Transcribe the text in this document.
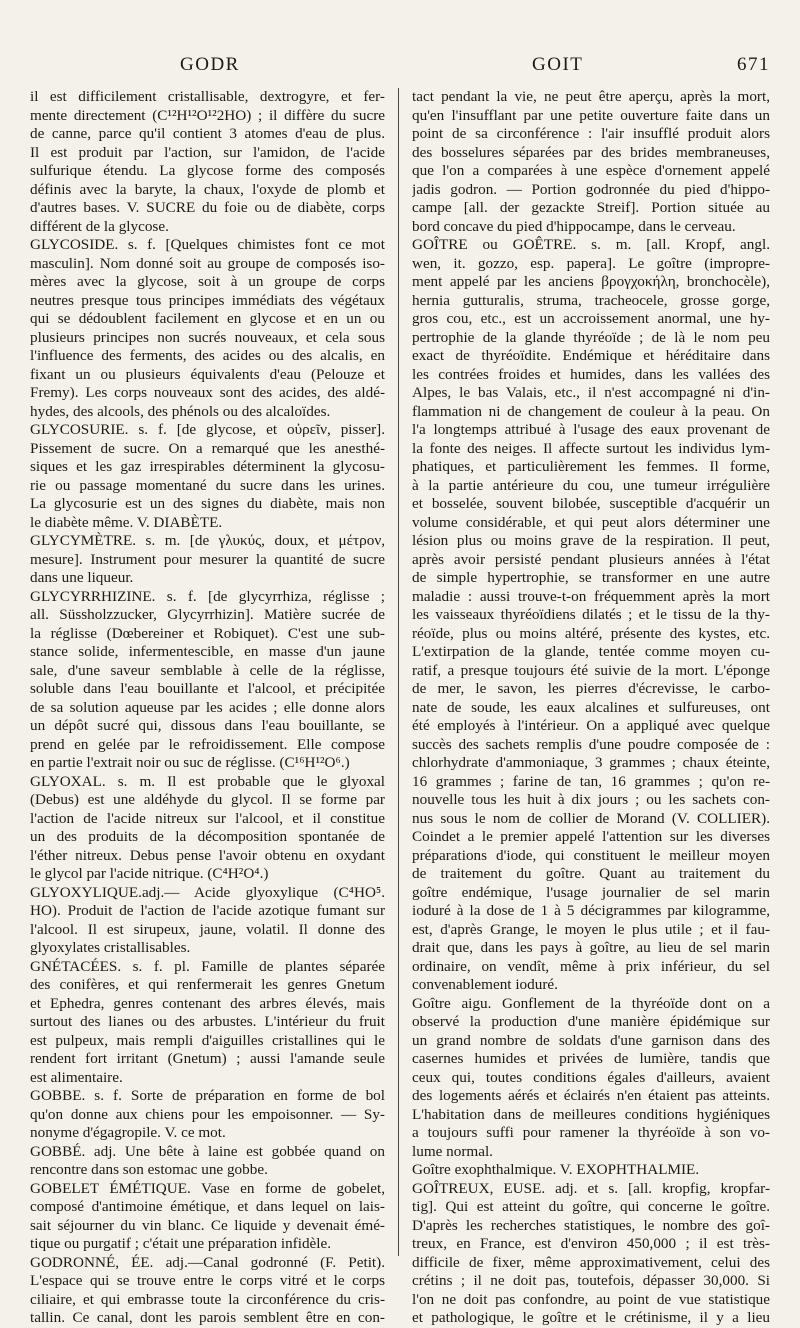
GODR	GOIT	671
il est difficilement cristallisable, dextrogyre, et fer-
mente directement (C¹²H¹²O¹²2HO) ; il diffère du sucre
de canne, parce qu'il contient 3 atomes d'eau de plus.
Il est produit par l'action, sur l'amidon, de l'acide
sulfurique étendu. La glycose forme des composés
définis avec la baryte, la chaux, l'oxyde de plomb et
d'autres bases. V. SUCRE du foie ou de diabète, corps
différent de la glycose.
GLYCOSIDE. s. f. [Quelques chimistes font ce mot
masculin]. Nom donné soit au groupe de composés iso-
mères avec la glycose, soit à un groupe de corps
neutres presque tous principes immédiats des végétaux
qui se dédoublent facilement en glycose et en un ou
plusieurs principes non sucrés nouveaux, et cela sous
l'influence des ferments, des acides ou des alcalis, en
fixant un ou plusieurs équivalents d'eau (Pelouze et
Fremy). Les corps nouveaux sont des acides, des aldé-
hydes, des alcools, des phénols ou des alcaloïdes.
GLYCOSURIE. s. f. [de glycose, et οὐρεῖν, pisser].
Pissement de sucre. On a remarqué que les anesthé-
siques et les gaz irrespirables déterminent la glycosu-
rie ou passage momentané du sucre dans les urines.
La glycosurie est un des signes du diabète, mais non
le diabète même. V. DIABÈTE.
GLYCYMÈTRE. s. m. [de γλυκύς, doux, et μέτρον,
mesure]. Instrument pour mesurer la quantité de sucre
dans une liqueur.
GLYCYRRHIZINE. s. f. [de glycyrrhiza, réglisse ;
all. Süssholzzucker, Glycyrrhizin]. Matière sucrée de
la réglisse (Dœbereiner et Robiquet). C'est une sub-
stance solide, infermentescible, en masse d'un jaune
sale, d'une saveur semblable à celle de la réglisse,
soluble dans l'eau bouillante et l'alcool, et précipitée
de sa solution aqueuse par les acides ; elle donne alors
un dépôt sucré qui, dissous dans l'eau bouillante, se
prend en gelée par le refroidissement. Elle compose
en partie l'extrait noir ou suc de réglisse. (C¹⁶H¹²O⁶.)
GLYOXAL. s. m. Il est probable que le glyoxal
(Debus) est une aldéhyde du glycol. Il se forme par
l'action de l'acide nitreux sur l'alcool, et il constitue
un des produits de la décomposition spontanée de
l'éther nitreux. Debus pense l'avoir obtenu en oxydant
le glycol par l'acide nitrique. (C⁴H²O⁴.)
GLYOXYLIQUE.adj.— Acide glyoxylique (C⁴HO⁵.
HO). Produit de l'action de l'acide azotique fumant sur
l'alcool. Il est sirupeux, jaune, volatil. Il donne des
glyoxylates cristallisables.
GNÉTACÉES. s. f. pl. Famille de plantes séparée
des conifères, et qui renfermerait les genres Gnetum
et Ephedra, genres contenant des arbres élevés, mais
surtout des lianes ou des arbustes. L'intérieur du fruit
est pulpeux, mais rempli d'aiguilles cristallines qui le
rendent fort irritant (Gnetum) ; aussi l'amande seule
est alimentaire.
GOBBE. s. f. Sorte de préparation en forme de bol
qu'on donne aux chiens pour les empoisonner. — Sy-
nonyme d'égagropile. V. ce mot.
GOBBÉ. adj. Une bête à laine est gobbée quand on
rencontre dans son estomac une gobbe.
GOBELET ÉMÉTIQUE. Vase en forme de gobelet,
composé d'antimoine émétique, et dans lequel on lais-
sait séjourner du vin blanc. Ce liquide y devenait émé-
tique ou purgatif ; c'était une préparation infidèle.
GODRONNÉ, ÉE. adj.—Canal godronné (F. Petit).
L'espace qui se trouve entre le corps vitré et le corps
ciliaire, et qui embrasse toute la circonférence du cris-
tallin. Ce canal, dont les parois semblent être en con-
tact pendant la vie, ne peut être aperçu, après la mort,
qu'en l'insufflant par une petite ouverture faite dans un
point de sa circonférence : l'air insufflé produit alors
des bosselures séparées par des brides membraneuses,
que l'on a comparées à une espèce d'ornement appelé
jadis godron. — Portion godronnée du pied d'hippo-
campe [all. der gezackte Streif]. Portion située au
bord concave du pied d'hippocampe, dans le cerveau.
GOÎTRE ou GOÊTRE. s. m. [all. Kropf, angl.
wen, it. gozzo, esp. papera]. Le goître (impropre-
ment appelé par les anciens βρογχοκήλη, bronchocèle),
hernia gutturalis, struma, tracheocele, grosse gorge,
gros cou, etc., est un accroissement anormal, une hy-
pertrophie de la glande thyréoïde ; de là le nom peu
exact de thyréoïdite. Endémique et héréditaire dans
les contrées froides et humides, dans les vallées des
Alpes, le bas Valais, etc., il n'est accompagné ni d'in-
flammation ni de changement de couleur à la peau. On
l'a longtemps attribué à l'usage des eaux provenant de
la fonte des neiges. Il affecte surtout les individus lym-
phatiques, et particulièrement les femmes. Il forme,
à la partie antérieure du cou, une tumeur irrégulière
et bosselée, souvent bilobée, susceptible d'acquérir un
volume considérable, et qui peut alors déterminer une
lésion plus ou moins grave de la respiration. Il peut,
après avoir persisté pendant plusieurs années à l'état
de simple hypertrophie, se transformer en une autre
maladie : aussi trouve-t-on fréquemment après la mort
les vaisseaux thyréoïdiens dilatés ; et le tissu de la thy-
réoïde, plus ou moins altéré, présente des kystes, etc.
L'extirpation de la glande, tentée comme moyen cu-
ratif, a presque toujours été suivie de la mort. L'éponge
de mer, le savon, les pierres d'écrevisse, le carbo-
nate de soude, les eaux alcalines et sulfureuses, ont
été employés à l'intérieur. On a appliqué avec quelque
succès des sachets remplis d'une poudre composée de :
chlorhydrate d'ammoniaque, 3 grammes ; chaux éteinte,
16 grammes ; farine de tan, 16 grammes ; qu'on re-
nouvelle tous les huit à dix jours ; ou les sachets con-
nus sous le nom de collier de Morand (V. COLLIER).
Coindet a le premier appelé l'attention sur les diverses
préparations d'iode, qui constituent le meilleur moyen
de traitement du goître. Quant au traitement du
goître endémique, l'usage journalier de sel marin
ioduré à la dose de 1 à 5 décigrammes par kilogramme,
est, d'après Grange, le moyen le plus utile ; et il fau-
drait que, dans les pays à goître, au lieu de sel marin
ordinaire, on vendît, même à prix inférieur, du sel
convenablement ioduré.
Goître aigu. Gonflement de la thyréoïde dont on a
observé la production d'une manière épidémique sur
un grand nombre de soldats d'une garnison dans des
casernes humides et privées de lumière, tandis que
ceux qui, toutes conditions égales d'ailleurs, avaient
des logements aérés et éclairés n'en étaient pas atteints.
L'habitation dans de meilleures conditions hygiéniques
a toujours suffi pour ramener la thyréoïde à son vo-
lume normal.
Goître exophthalmique. V. EXOPHTHALMIE.
GOÎTREUX, EUSE. adj. et s. [all. kropfig, kropfar-
tig]. Qui est atteint du goître, qui concerne le goître.
D'après les recherches statistiques, le nombre des goî-
treux, en France, est d'environ 450,000 ; il est très-
difficile de fixer, même approximativement, celui des
crétins ; il ne doit pas, toutefois, dépasser 30,000. Si
l'on ne doit pas confondre, au point de vue statistique
et pathologique, le goître et le crétinisme, il y a lieu
